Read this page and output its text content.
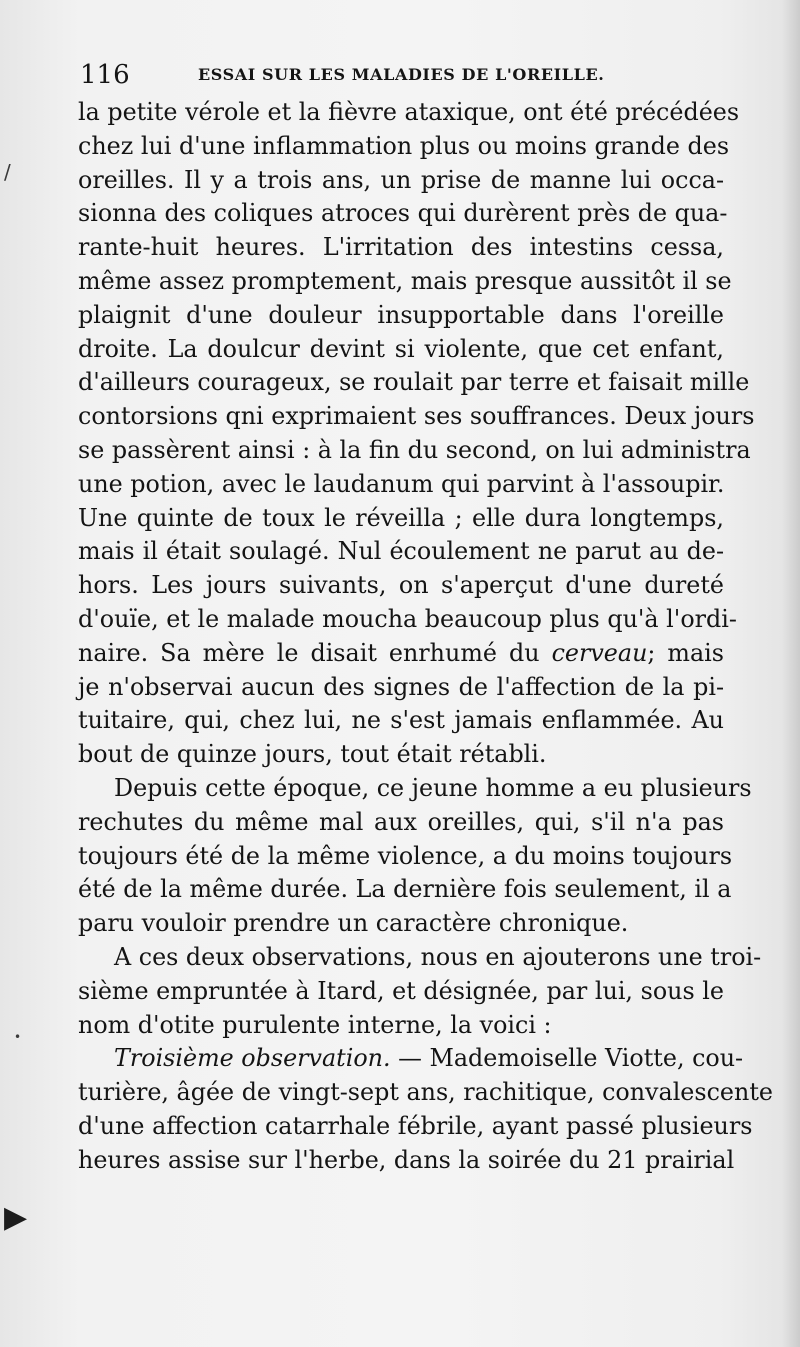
116	ESSAI SUR LES MALADIES DE L'OREILLE.
/
•
▶
la petite vérole et la fièvre ataxique, ont été précédées
chez lui d'une inflammation plus ou moins grande des
oreilles. Il y a trois ans, un prise de manne lui occa-
sionna des coliques atroces qui durèrent près de qua-
rante-huit heures. L'irritation des intestins cessa,
même assez promptement, mais presque aussitôt il se
plaignit d'une douleur insupportable dans l'oreille
droite. La doulcur devint si violente, que cet enfant,
d'ailleurs courageux, se roulait par terre et faisait mille
contorsions qni exprimaient ses souffrances. Deux jours
se passèrent ainsi : à la fin du second, on lui administra
une potion, avec le laudanum qui parvint à l'assoupir.
Une quinte de toux le réveilla ; elle dura longtemps,
mais il était soulagé. Nul écoulement ne parut au de-
hors. Les jours suivants, on s'aperçut d'une dureté
d'ouïe, et le malade moucha beaucoup plus qu'à l'ordi-
naire. Sa mère le disait enrhumé du cerveau; mais
je n'observai aucun des signes de l'affection de la pi-
tuitaire, qui, chez lui, ne s'est jamais enflammée. Au
bout de quinze jours, tout était rétabli.
Depuis cette époque, ce jeune homme a eu plusieurs
rechutes du même mal aux oreilles, qui, s'il n'a pas
toujours été de la même violence, a du moins toujours
été de la même durée. La dernière fois seulement, il a
paru vouloir prendre un caractère chronique.
A ces deux observations, nous en ajouterons une troi-
sième empruntée à Itard, et désignée, par lui, sous le
nom d'otite purulente interne, la voici :
Troisième observation. — Mademoiselle Viotte, cou-
turière, âgée de vingt-sept ans, rachitique, convalescente
d'une affection catarrhale fébrile, ayant passé plusieurs
heures assise sur l'herbe, dans la soirée du 21 prairial
